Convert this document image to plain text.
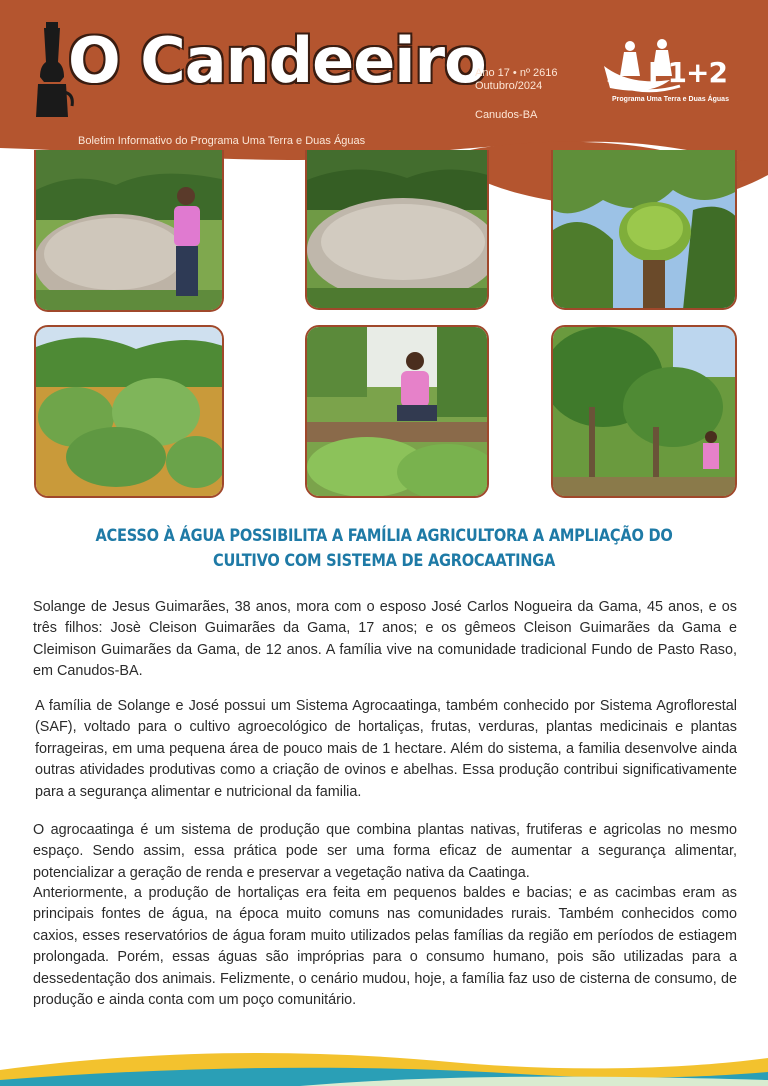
O Candeeiro
Boletim Informativo do Programa Uma Terra e Duas Águas
Ano 17 • nº 2616
Outubro/2024
Canudos-BA
P1+2
Programa Uma Terra e Duas Águas
ACESSO À ÁGUA POSSIBILITA A FAMÍLIA AGRICULTORA A AMPLIAÇÃO DO CULTIVO COM SISTEMA DE AGROCAATINGA

Solange de Jesus Guimarães, 38 anos, mora com o esposo José Carlos Nogueira da Gama, 45 anos, e os três filhos: Josè Cleison Guimarães da Gama, 17 anos; e os gêmeos Cleison Guimarães da Gama e Cleimison Guimarães da Gama, de 12 anos. A família vive na comunidade tradicional Fundo de Pasto Raso, em Canudos-BA.

A família de Solange e José possui um Sistema Agrocaatinga, também conhecido por Sistema Agroflorestal (SAF), voltado para o cultivo agroecológico de hortaliças, frutas, verduras, plantas medicinais e plantas forrageiras, em uma pequena área de pouco mais de 1 hectare. Além do sistema, a familia desenvolve ainda outras atividades produtivas como a criação de ovinos e abelhas. Essa produção contribui significativamente para a segurança alimentar e nutricional da familia.

O agrocaatinga é um sistema de produção que combina plantas nativas, frutiferas e agricolas no mesmo espaço. Sendo assim, essa prática pode ser uma forma eficaz de aumentar a segurança alimentar, potencializar a geração de renda e preservar a vegetação nativa da Caatinga.

Anteriormente, a produção de hortaliças era feita em pequenos baldes e bacias; e as cacimbas eram as principais fontes de água, na época muito comuns nas comunidades rurais. Também conhecidos como caxios, esses reservatórios de água foram muito utilizados pelas famílias da região em períodos de estiagem prolongada. Porém, essas águas são impróprias para o consumo humano, pois são utilizadas para a dessedentação dos animais. Felizmente, o cenário mudou, hoje, a família faz uso de cisterna de consumo, de produção e ainda conta com um poço comunitário.
